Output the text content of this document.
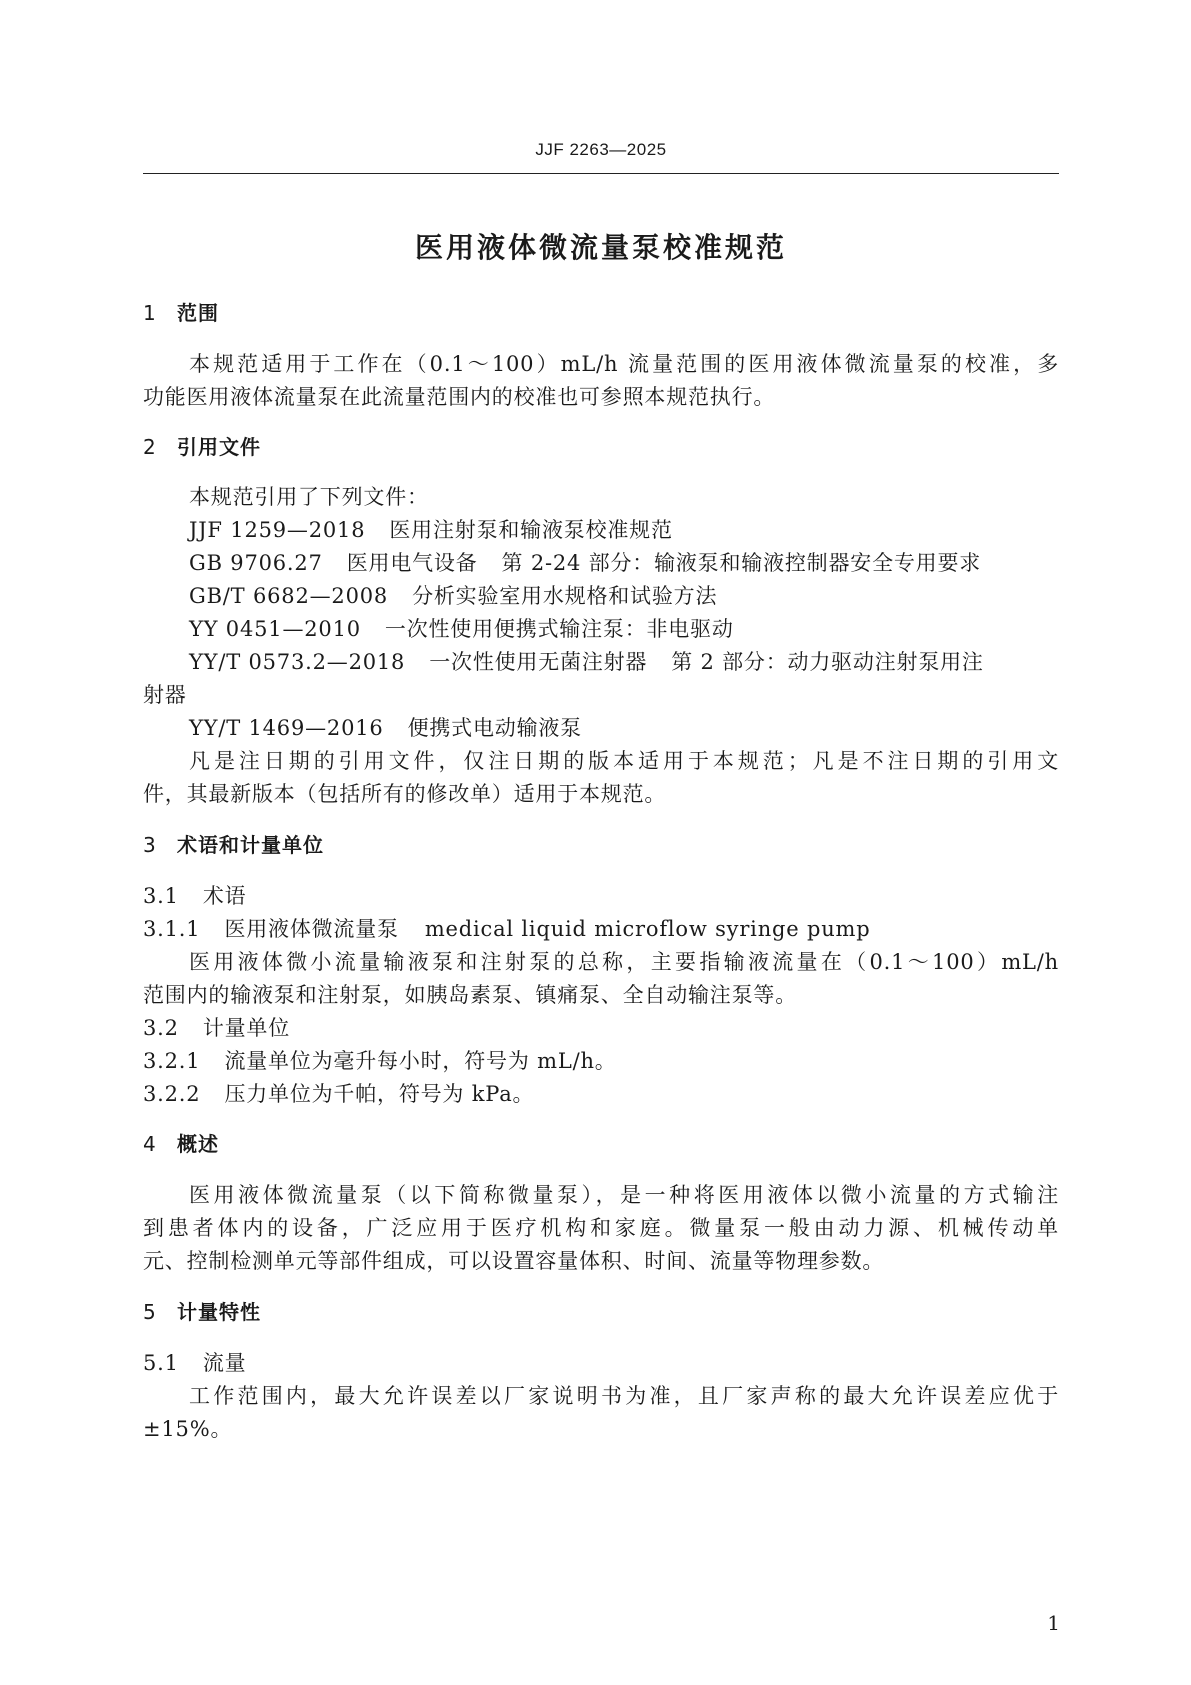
JJF 2263—2025
医用液体微流量泵校准规范
1 范围
本规范适用于工作在（0.1～100）mL/h 流量范围的医用液体微流量泵的校准，多
功能医用液体流量泵在此流量范围内的校准也可参照本规范执行。
2 引用文件
本规范引用了下列文件：
JJF 1259—2018 医用注射泵和输液泵校准规范
GB 9706.27 医用电气设备 第 2-24 部分：输液泵和输液控制器安全专用要求
GB/T 6682—2008 分析实验室用水规格和试验方法
YY 0451—2010 一次性使用便携式输注泵：非电驱动
YY/T 0573.2—2018 一次性使用无菌注射器 第 2 部分：动力驱动注射泵用注
射器
YY/T 1469—2016 便携式电动输液泵
凡是注日期的引用文件，仅注日期的版本适用于本规范；凡是不注日期的引用文
件，其最新版本（包括所有的修改单）适用于本规范。
3 术语和计量单位
3.1 术语
3.1.1 医用液体微流量泵 medical liquid microflow syringe pump
医用液体微小流量输液泵和注射泵的总称，主要指输液流量在（0.1～100）mL/h
范围内的输液泵和注射泵，如胰岛素泵、镇痛泵、全自动输注泵等。
3.2 计量单位
3.2.1 流量单位为毫升每小时，符号为 mL/h。
3.2.2 压力单位为千帕，符号为 kPa。
4 概述
医用液体微流量泵（以下简称微量泵），是一种将医用液体以微小流量的方式输注
到患者体内的设备，广泛应用于医疗机构和家庭。微量泵一般由动力源、机械传动单
元、控制检测单元等部件组成，可以设置容量体积、时间、流量等物理参数。
5 计量特性
5.1 流量
工作范围内，最大允许误差以厂家说明书为准，且厂家声称的最大允许误差应优于
±15%。
1
